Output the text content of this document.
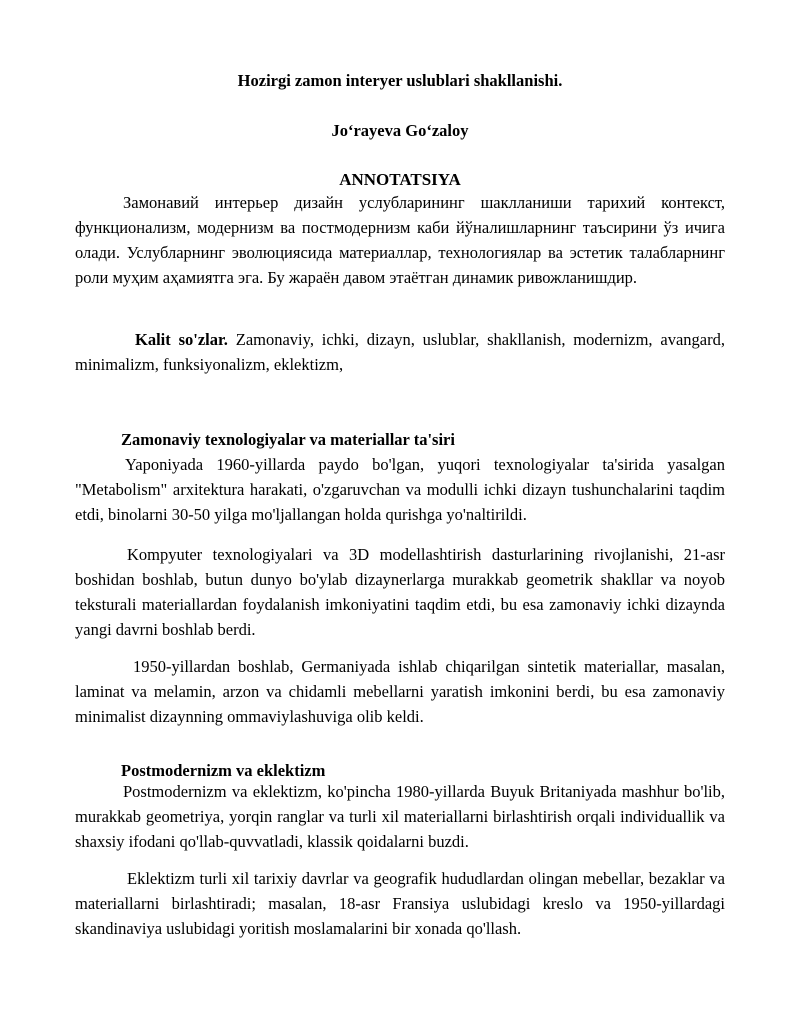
Hozirgi zamon interyer uslublari shakllanishi.
Jo‘rayeva Go‘zaloy
ANNOTATSIYA

Замонавий интерьер дизайн услубларининг шаклланиши тарихий контекст, функционализм, модернизм ва постмодернизм каби йўналишларнинг таъсирини ўз ичига олади. Услубларнинг эволюциясида материаллар, технологиялар ва эстетик талабларнинг роли муҳим аҳамиятга эга. Бу жараён давом этаётган динамик ривожланишдир.

Kalit so'zlar. Zamonaviy, ichki, dizayn, uslublar, shakllanish, modernizm, avangard, minimalizm, funksiyonalizm, eklektizm,

Zamonaviy texnologiyalar va materiallar ta'siri

Yaponiyada 1960-yillarda paydo bo'lgan, yuqori texnologiyalar ta'sirida yasalgan "Metabolism" arxitektura harakati, o'zgaruvchan va modulli ichki dizayn tushunchalarini taqdim etdi, binolarni 30-50 yilga mo'ljallangan holda qurishga yo'naltirildi.

Kompyuter texnologiyalari va 3D modellashtirish dasturlarining rivojlanishi, 21-asr boshidan boshlab, butun dunyo bo'ylab dizaynerlarga murakkab geometrik shakllar va noyob teksturali materiallardan foydalanish imkoniyatini taqdim etdi, bu esa zamonaviy ichki dizaynda yangi davrni boshlab berdi.

1950-yillardan boshlab, Germaniyada ishlab chiqarilgan sintetik materiallar, masalan, laminat va melamin, arzon va chidamli mebellarni yaratish imkonini berdi, bu esa zamonaviy minimalist dizaynning ommaviylashuviga olib keldi.

Postmodernizm va eklektizm

Postmodernizm va eklektizm, ko'pincha 1980-yillarda Buyuk Britaniyada mashhur bo'lib, murakkab geometriya, yorqin ranglar va turli xil materiallarni birlashtirish orqali individuallik va shaxsiy ifodani qo'llab-quvvatladi, klassik qoidalarni buzdi.

Eklektizm turli xil tarixiy davrlar va geografik hududlardan olingan mebellar, bezaklar va materiallarni birlashtiradi; masalan, 18-asr Fransiya uslubidagi kreslo va 1950-yillardagi skandinaviya uslubidagi yoritish moslamalarini bir xonada qo'llash.
